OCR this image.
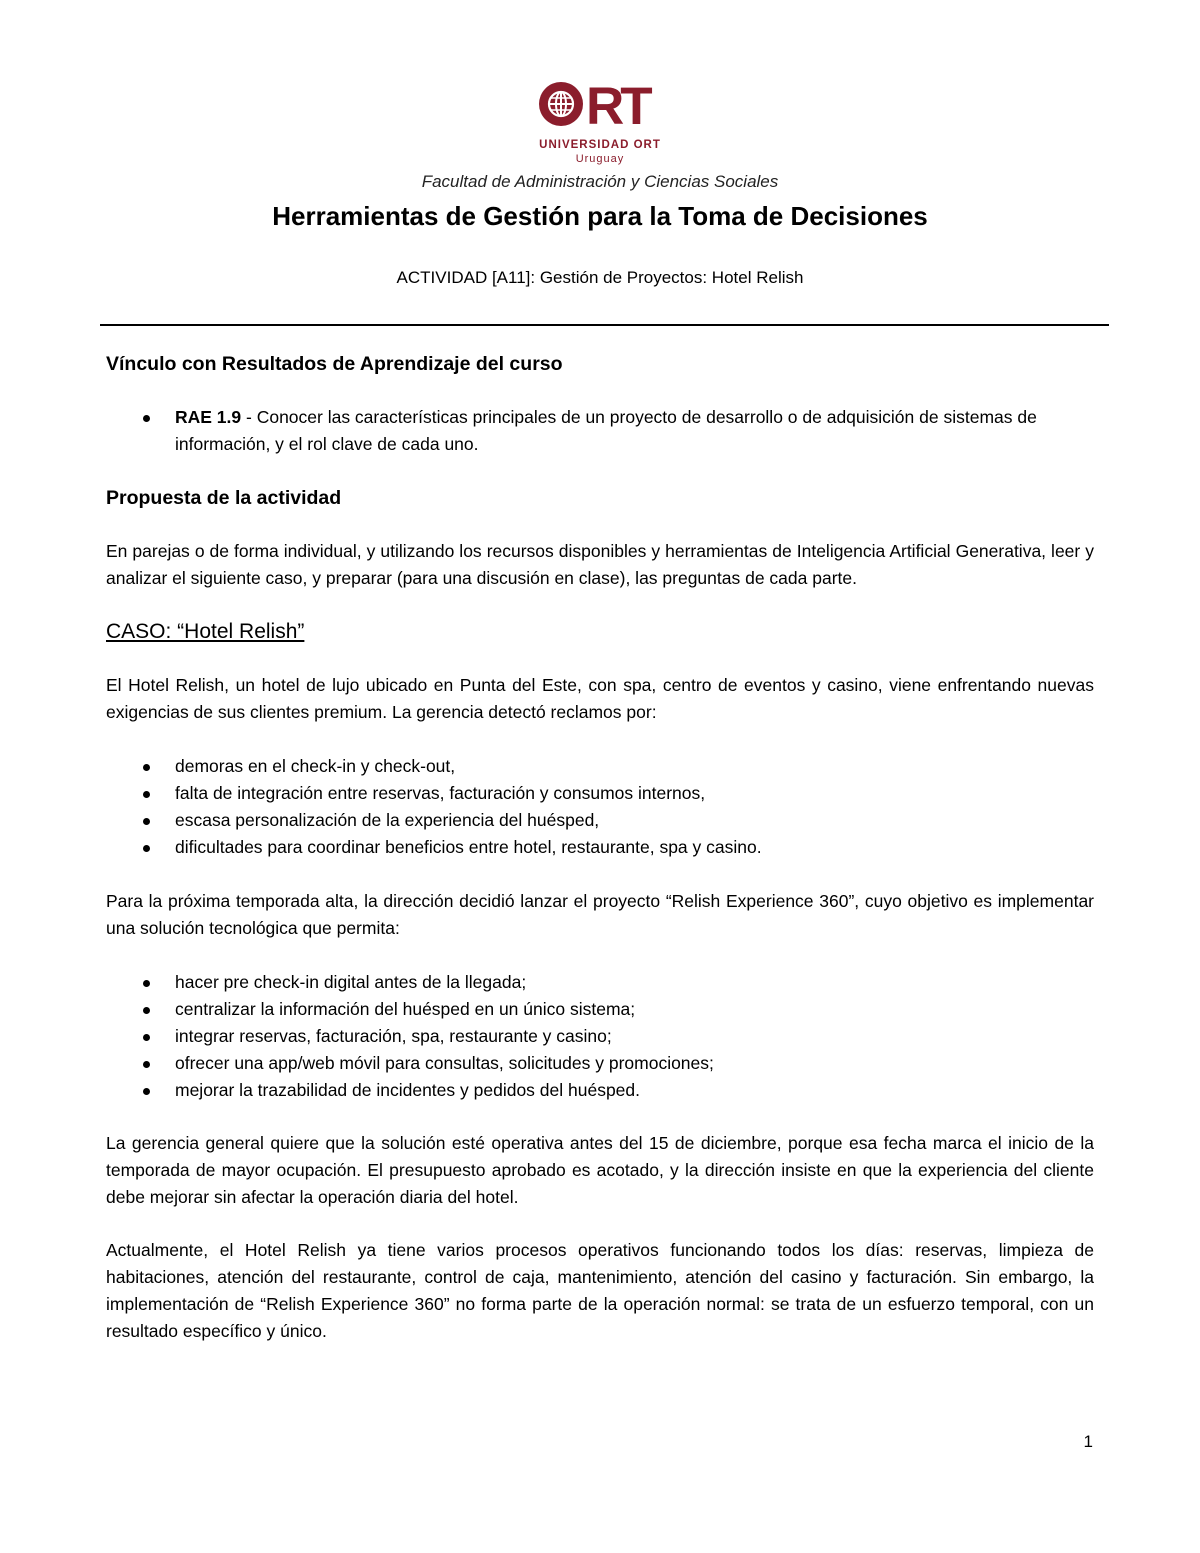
RT
UNIVERSIDAD ORT
Uruguay
Facultad de Administración y Ciencias Sociales
Herramientas de Gestión para la Toma de Decisiones
ACTIVIDAD [A11]: Gestión de Proyectos: Hotel Relish
Vínculo con Resultados de Aprendizaje del curso
RAE 1.9 - Conocer las características principales de un proyecto de desarrollo o de adquisición de sistemas de información, y el rol clave de cada uno.
Propuesta de la actividad

En parejas o de forma individual, y utilizando los recursos disponibles y herramientas de Inteligencia Artificial Generativa, leer y analizar el siguiente caso, y preparar (para una discusión en clase), las preguntas de cada parte.

CASO: “Hotel Relish”

El Hotel Relish, un hotel de lujo ubicado en Punta del Este, con spa, centro de eventos y casino, viene enfrentando nuevas exigencias de sus clientes premium. La gerencia detectó reclamos por:

demoras en el check-in y check-out,
falta de integración entre reservas, facturación y consumos internos,
escasa personalización de la experiencia del huésped,
dificultades para coordinar beneficios entre hotel, restaurante, spa y casino.

Para la próxima temporada alta, la dirección decidió lanzar el proyecto “Relish Experience 360”, cuyo objetivo es implementar una solución tecnológica que permita:

hacer pre check-in digital antes de la llegada;
centralizar la información del huésped en un único sistema;
integrar reservas, facturación, spa, restaurante y casino;
ofrecer una app/web móvil para consultas, solicitudes y promociones;
mejorar la trazabilidad de incidentes y pedidos del huésped.

La gerencia general quiere que la solución esté operativa antes del 15 de diciembre, porque esa fecha marca el inicio de la temporada de mayor ocupación. El presupuesto aprobado es acotado, y la dirección insiste en que la experiencia del cliente debe mejorar sin afectar la operación diaria del hotel.

Actualmente, el Hotel Relish ya tiene varios procesos operativos funcionando todos los días: reservas, limpieza de habitaciones, atención del restaurante, control de caja, mantenimiento, atención del casino y facturación. Sin embargo, la implementación de “Relish Experience 360” no forma parte de la operación normal: se trata de un esfuerzo temporal, con un resultado específico y único.

1
